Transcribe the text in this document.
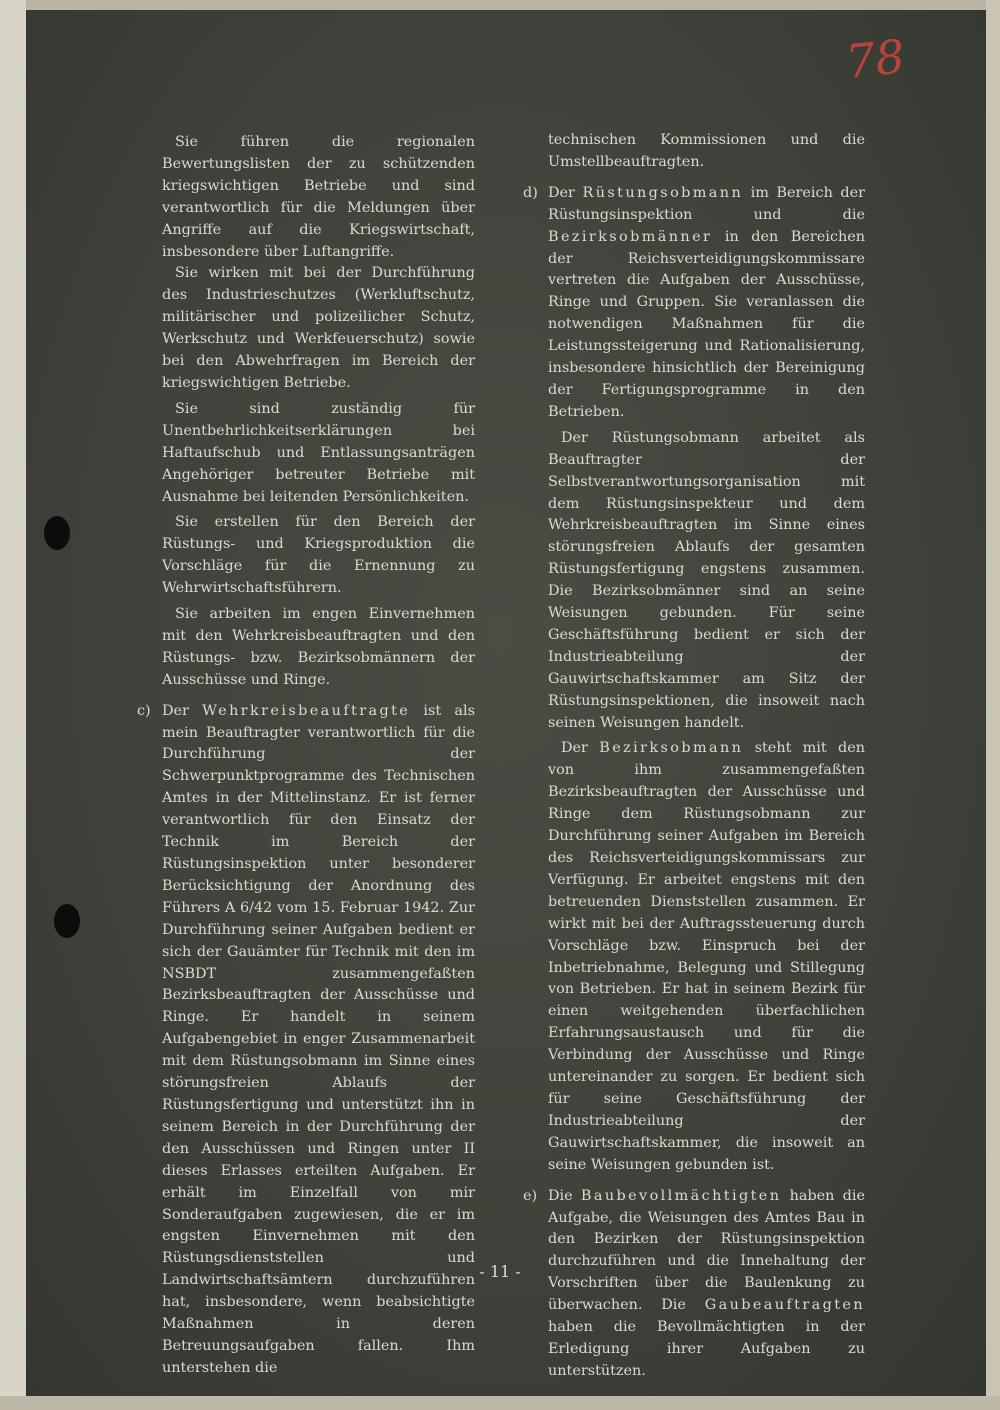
78

Sie führen die regionalen Bewertungslisten der zu schützenden kriegswichtigen Betriebe und sind verantwortlich für die Meldungen über Angriffe auf die Kriegswirtschaft, insbesondere über Luftangriffe.

Sie wirken mit bei der Durchführung des Industrieschutzes (Werkluftschutz, militärischer und polizeilicher Schutz, Werkschutz und Werkfeuerschutz) sowie bei den Abwehrfragen im Bereich der kriegswichtigen Betriebe.

Sie sind zuständig für Unentbehrlichkeitserklärungen bei Haftaufschub und Entlassungsanträgen Angehöriger betreuter Betriebe mit Ausnahme bei leitenden Persönlichkeiten.

Sie erstellen für den Bereich der Rüstungs- und Kriegsproduktion die Vorschläge für die Ernennung zu Wehrwirtschaftsführern.

Sie arbeiten im engen Einvernehmen mit den Wehrkreisbeauftragten und den Rüstungs- bzw. Bezirksobmännern der Ausschüsse und Ringe.

c) Der Wehrkreisbeauftragte ist als mein Beauftragter verantwortlich für die Durchführung der Schwerpunktprogramme des Technischen Amtes in der Mittelinstanz. Er ist ferner verantwortlich für den Einsatz der Technik im Bereich der Rüstungsinspektion unter besonderer Berücksichtigung der Anordnung des Führers A 6/42 vom 15. Februar 1942. Zur Durchführung seiner Aufgaben bedient er sich der Gauämter für Technik mit den im NSBDT zusammengefaßten Bezirksbeauftragten der Ausschüsse und Ringe. Er handelt in seinem Aufgabengebiet in enger Zusammenarbeit mit dem Rüstungsobmann im Sinne eines störungsfreien Ablaufs der Rüstungsfertigung und unterstützt ihn in seinem Bereich in der Durchführung der den Ausschüssen und Ringen unter II dieses Erlasses erteilten Aufgaben. Er erhält im Einzelfall von mir Sonderaufgaben zugewiesen, die er im engsten Einvernehmen mit den Rüstungsdienststellen und Landwirtschaftsämtern durchzuführen hat, insbesondere, wenn beabsichtigte Maßnahmen in deren Betreuungsaufgaben fallen. Ihm unterstehen die

technischen Kommissionen und die Umstellbeauftragten.

d) Der Rüstungsobmann im Bereich der Rüstungsinspektion und die Bezirksobmänner in den Bereichen der Reichsverteidigungskommissare vertreten die Aufgaben der Ausschüsse, Ringe und Gruppen. Sie veranlassen die notwendigen Maßnahmen für die Leistungssteigerung und Rationalisierung, insbesondere hinsichtlich der Bereinigung der Fertigungsprogramme in den Betrieben.

Der Rüstungsobmann arbeitet als Beauftragter der Selbstverantwortungsorganisation mit dem Rüstungsinspekteur und dem Wehrkreisbeauftragten im Sinne eines störungsfreien Ablaufs der gesamten Rüstungsfertigung engstens zusammen. Die Bezirksobmänner sind an seine Weisungen gebunden. Für seine Geschäftsführung bedient er sich der Industrieabteilung der Gauwirtschaftskammer am Sitz der Rüstungsinspektionen, die insoweit nach seinen Weisungen handelt.

Der Bezirksobmann steht mit den von ihm zusammengefaßten Bezirksbeauftragten der Ausschüsse und Ringe dem Rüstungsobmann zur Durchführung seiner Aufgaben im Bereich des Reichsverteidigungskommissars zur Verfügung. Er arbeitet engstens mit den betreuenden Dienststellen zusammen. Er wirkt mit bei der Auftragssteuerung durch Vorschläge bzw. Einspruch bei der Inbetriebnahme, Belegung und Stillegung von Betrieben. Er hat in seinem Bezirk für einen weitgehenden überfachlichen Erfahrungsaustausch und für die Verbindung der Ausschüsse und Ringe untereinander zu sorgen. Er bedient sich für seine Geschäftsführung der Industrieabteilung der Gauwirtschaftskammer, die insoweit an seine Weisungen gebunden ist.

e) Die Baubevollmächtigten haben die Aufgabe, die Weisungen des Amtes Bau in den Bezirken der Rüstungsinspektion durchzuführen und die Innehaltung der Vorschriften über die Baulenkung zu überwachen. Die Gaubeauftragten haben die Bevollmächtigten in der Erledigung ihrer Aufgaben zu unterstützen.

- 11 -
